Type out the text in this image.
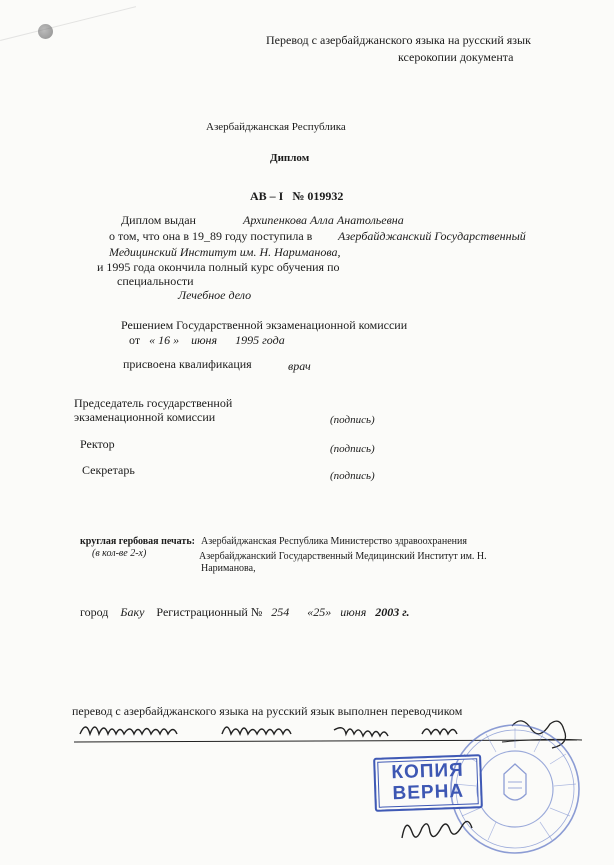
Перевод с азербайджанского языка на русский язык
ксерокопии документа
Азербайджанская Республика
Диплом
АВ – I № 019932
Диплом выдан	Архипенкова Алла Анатольевна
о том, что она в 19_89 году поступила в Азербайджанский Государственный
Медицинский Институт им. Н. Нариманова,
и 1995 года окончила полный курс обучения по
специальности
Лечебное дело
Решением Государственной экзаменационной комиссии
от « 16 » июня 1995 года
присвоена квалификация	врач
Председатель государственной
экзаменационной комиссии	(подпись)
Ректор	(подпись)
Секретарь	(подпись)
круглая гербовая печать: Азербайджанская Республика Министерство здравоохранения
(в кол-ве 2-х)	Азербайджанский Государственный Медицинский Институт им. Н.
Нариманова,
город Баку Регистрационный № 254 «25» июня 2003 г.
перевод с азербайджанского языка на русский язык выполнен переводчиком
КОПИЯ
ВЕРНА
